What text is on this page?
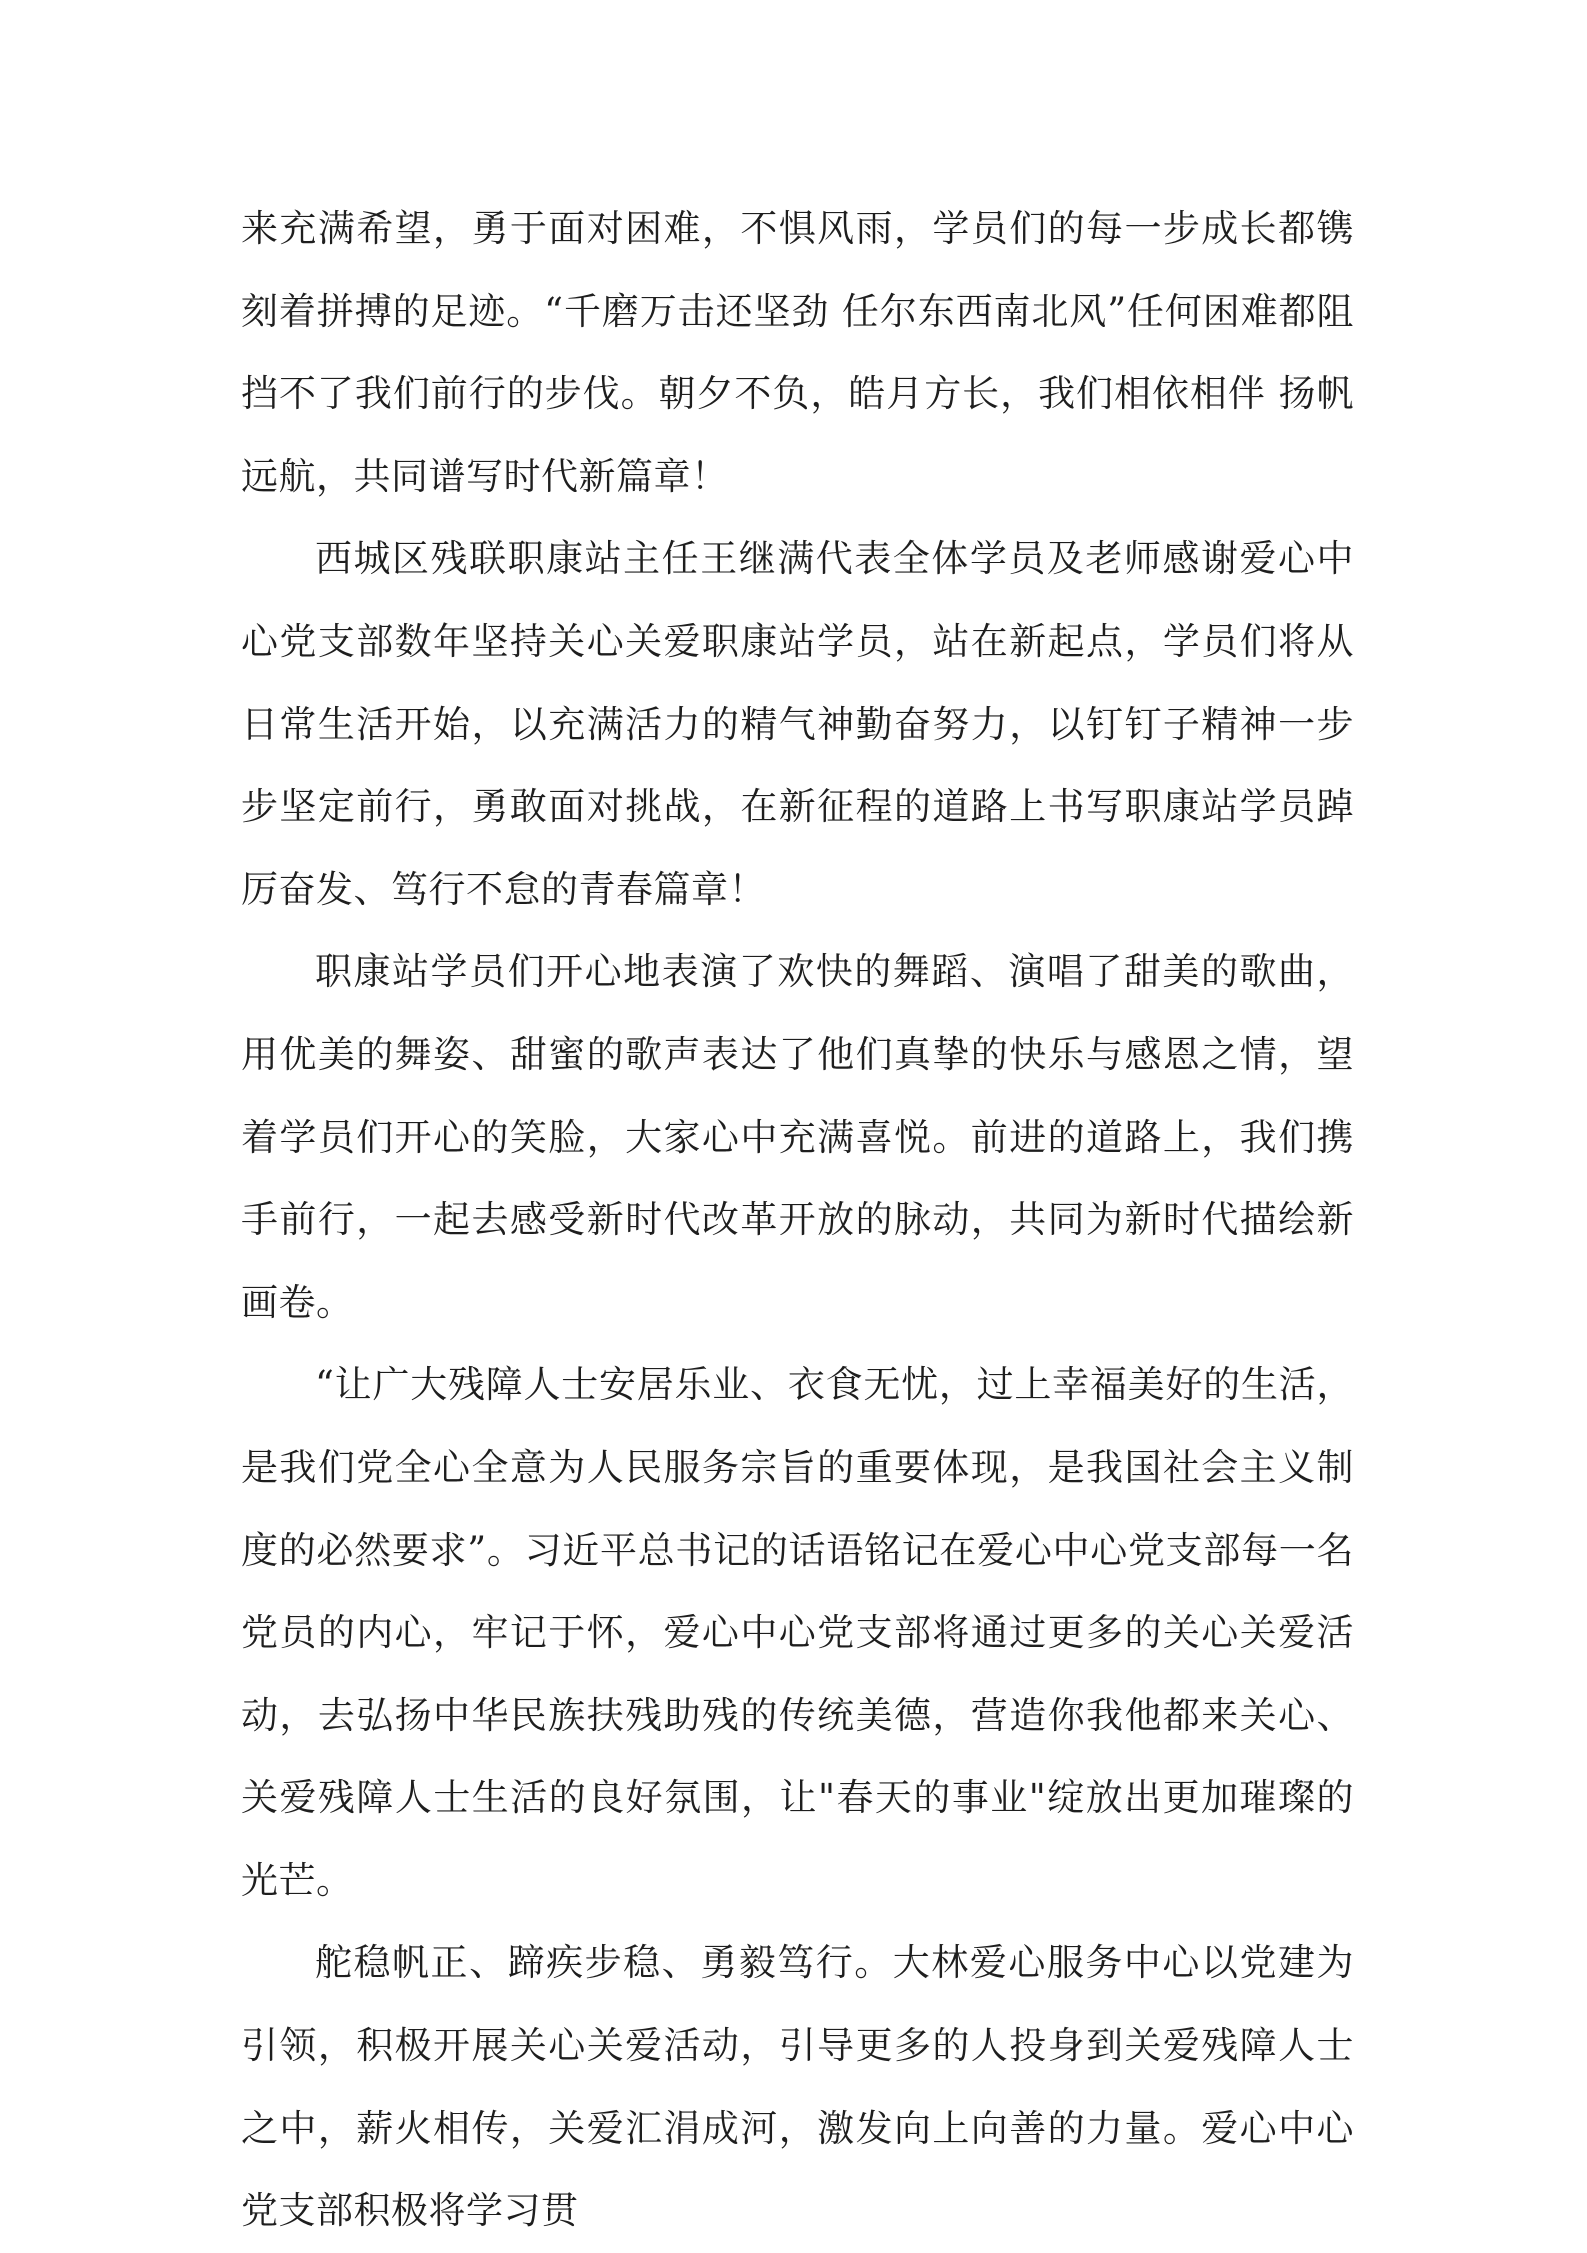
来充满希望，勇于面对困难，不惧风雨，学员们的每一步成长都镌刻着拼搏的足迹。“千磨万击还坚劲 任尔东西南北风”任何困难都阻挡不了我们前行的步伐。朝夕不负，皓月方长，我们相依相伴 扬帆远航，共同谱写时代新篇章！

西城区残联职康站主任王继满代表全体学员及老师感谢爱心中心党支部数年坚持关心关爱职康站学员，站在新起点，学员们将从日常生活开始，以充满活力的精气神勤奋努力，以钉钉子精神一步步坚定前行，勇敢面对挑战，在新征程的道路上书写职康站学员踔厉奋发、笃行不怠的青春篇章！

职康站学员们开心地表演了欢快的舞蹈、演唱了甜美的歌曲，用优美的舞姿、甜蜜的歌声表达了他们真挚的快乐与感恩之情，望着学员们开心的笑脸，大家心中充满喜悦。前进的道路上，我们携手前行，一起去感受新时代改革开放的脉动，共同为新时代描绘新画卷。

“让广大残障人士安居乐业、衣食无忧，过上幸福美好的生活，是我们党全心全意为人民服务宗旨的重要体现，是我国社会主义制度的必然要求”。习近平总书记的话语铭记在爱心中心党支部每一名党员的内心，牢记于怀，爱心中心党支部将通过更多的关心关爱活动，去弘扬中华民族扶残助残的传统美德，营造你我他都来关心、关爱残障人士生活的良好氛围，让"春天的事业"绽放出更加璀璨的光芒。

舵稳帆正、蹄疾步稳、勇毅笃行。大林爱心服务中心以党建为引领，积极开展关心关爱活动，引导更多的人投身到关爱残障人士之中，薪火相传，关爱汇涓成河，激发向上向善的力量。爱心中心党支部积极将学习贯
